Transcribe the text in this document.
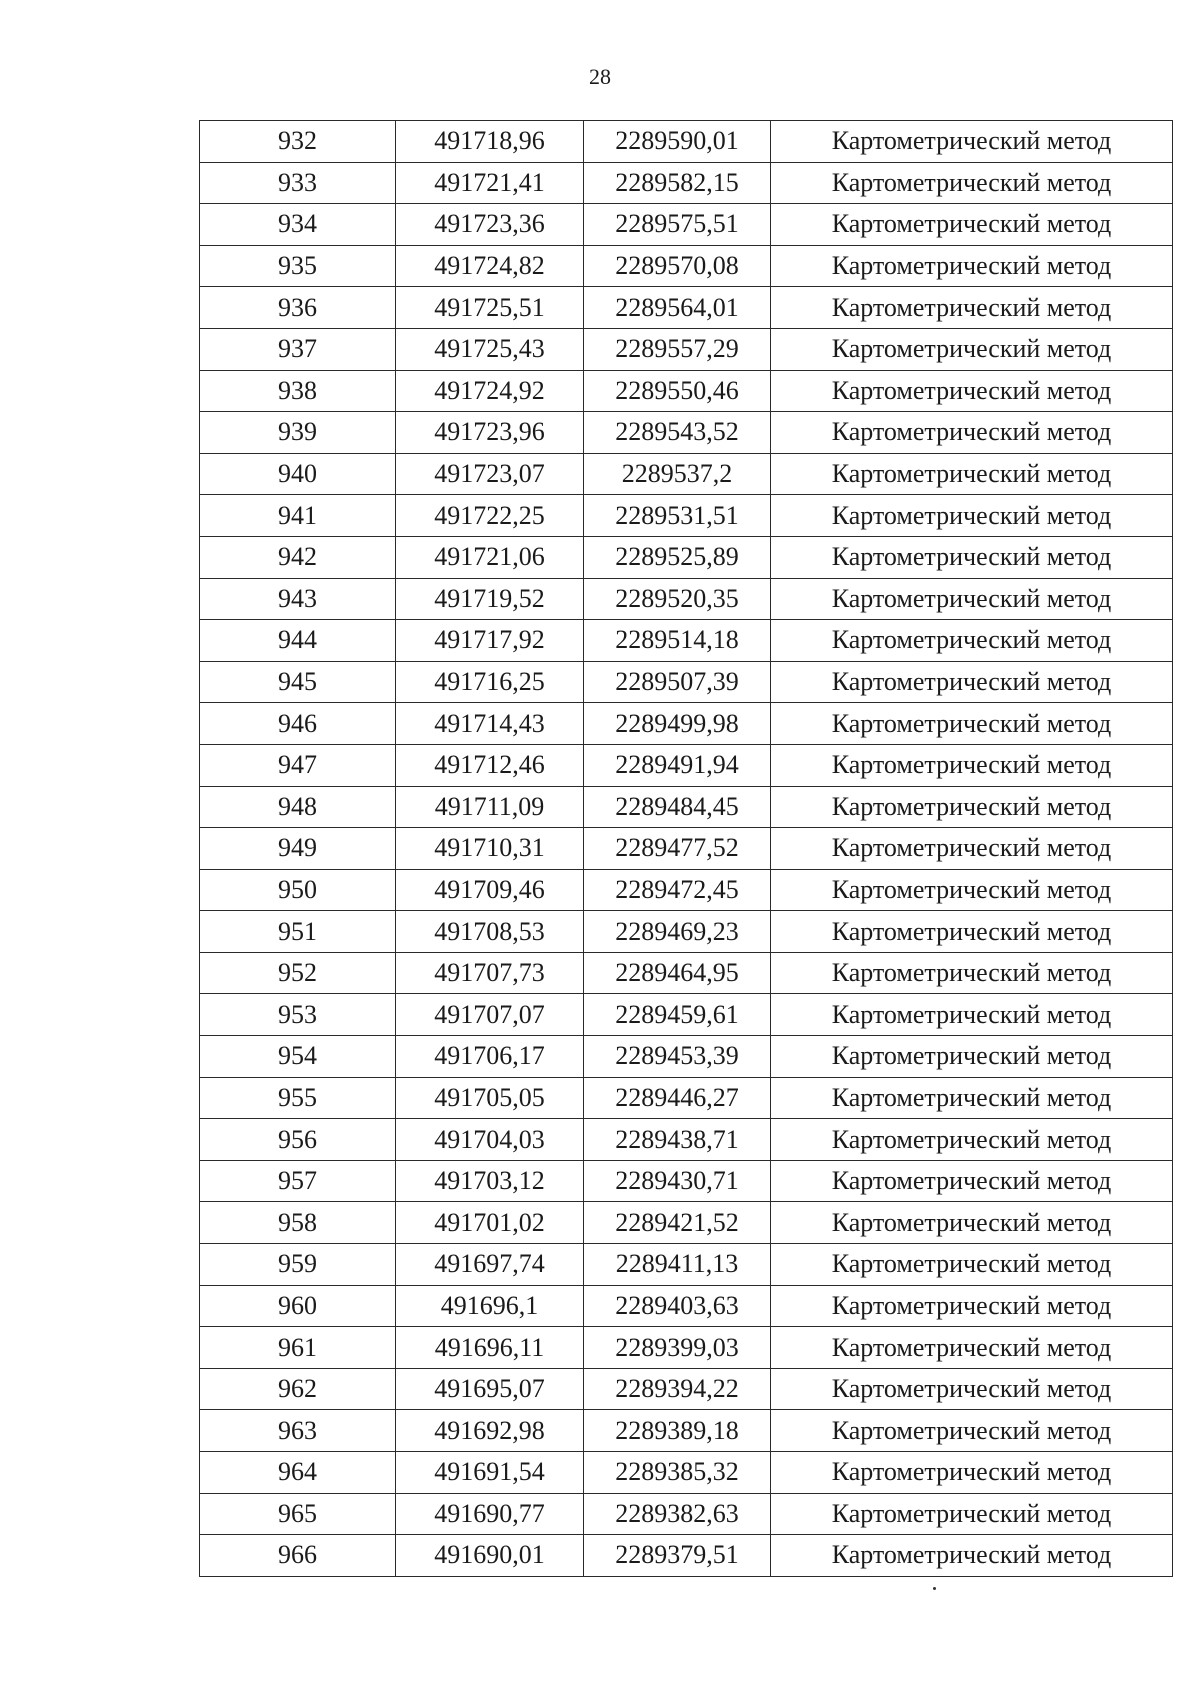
28
932	491718,96	2289590,01	Картометрический метод
933	491721,41	2289582,15	Картометрический метод
934	491723,36	2289575,51	Картометрический метод
935	491724,82	2289570,08	Картометрический метод
936	491725,51	2289564,01	Картометрический метод
937	491725,43	2289557,29	Картометрический метод
938	491724,92	2289550,46	Картометрический метод
939	491723,96	2289543,52	Картометрический метод
940	491723,07	2289537,2	Картометрический метод
941	491722,25	2289531,51	Картометрический метод
942	491721,06	2289525,89	Картометрический метод
943	491719,52	2289520,35	Картометрический метод
944	491717,92	2289514,18	Картометрический метод
945	491716,25	2289507,39	Картометрический метод
946	491714,43	2289499,98	Картометрический метод
947	491712,46	2289491,94	Картометрический метод
948	491711,09	2289484,45	Картометрический метод
949	491710,31	2289477,52	Картометрический метод
950	491709,46	2289472,45	Картометрический метод
951	491708,53	2289469,23	Картометрический метод
952	491707,73	2289464,95	Картометрический метод
953	491707,07	2289459,61	Картометрический метод
954	491706,17	2289453,39	Картометрический метод
955	491705,05	2289446,27	Картометрический метод
956	491704,03	2289438,71	Картометрический метод
957	491703,12	2289430,71	Картометрический метод
958	491701,02	2289421,52	Картометрический метод
959	491697,74	2289411,13	Картометрический метод
960	491696,1	2289403,63	Картометрический метод
961	491696,11	2289399,03	Картометрический метод
962	491695,07	2289394,22	Картометрический метод
963	491692,98	2289389,18	Картометрический метод
964	491691,54	2289385,32	Картометрический метод
965	491690,77	2289382,63	Картометрический метод
966	491690,01	2289379,51	Картометрический метод
